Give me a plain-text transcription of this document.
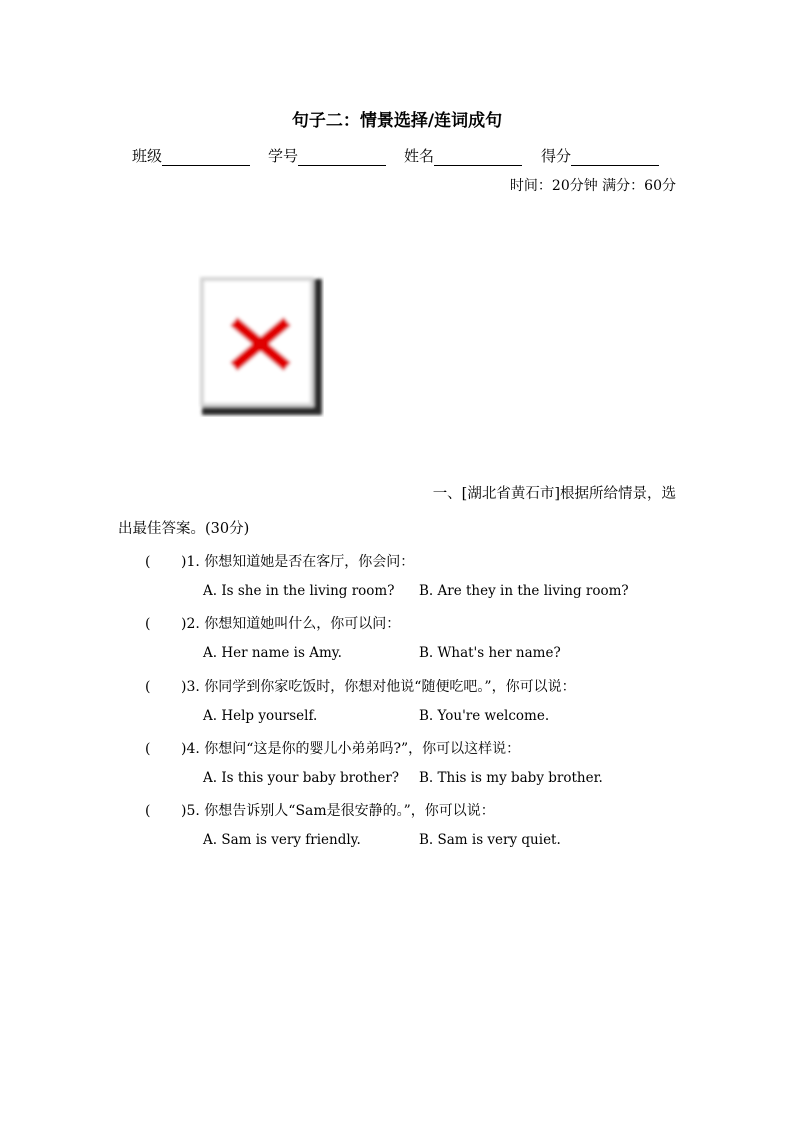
句子二：情景选择/连词成句
班级	学号	姓名	得分
时间：20分钟 满分：60分
一、[湖北省黄石市]根据所给情景，选
出最佳答案。(30分)
( )1. 你想知道她是否在客厅，你会问：
A. Is she in the living room? B. Are they in the living room?
( )2. 你想知道她叫什么，你可以问：
A. Her name is Amy.	B. What's her name?
( )3. 你同学到你家吃饭时，你想对他说“随便吃吧。”，你可以说：
A. Help yourself.	B. You're welcome.
( )4. 你想问“这是你的婴儿小弟弟吗?”，你可以这样说：
A. Is this your baby brother? B. This is my baby brother.
( )5. 你想告诉别人“Sam是很安静的。”，你可以说：
A. Sam is very friendly.	B. Sam is very quiet.
